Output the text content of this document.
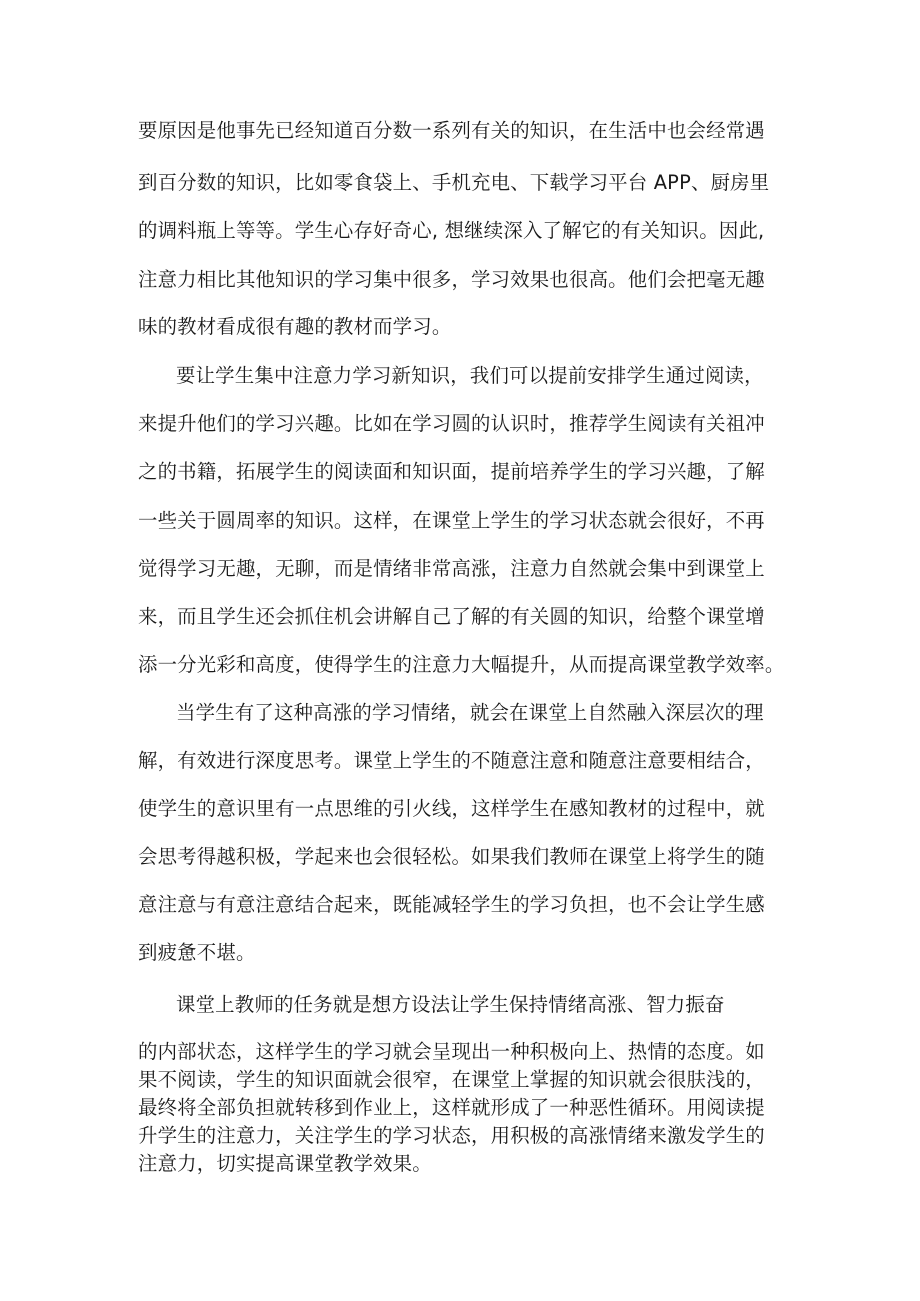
要原因是他事先已经知道百分数一系列有关的知识，在生活中也会经常遇

到百分数的知识，比如零食袋上、手机充电、下载学习平台 APP、厨房里

的调料瓶上等等。学生心存好奇心, 想继续深入了解它的有关知识。因此,

注意力相比其他知识的学习集中很多，学习效果也很高。他们会把毫无趣

味的教材看成很有趣的教材而学习。

要让学生集中注意力学习新知识，我们可以提前安排学生通过阅读，

来提升他们的学习兴趣。比如在学习圆的认识时，推荐学生阅读有关祖冲

之的书籍，拓展学生的阅读面和知识面，提前培养学生的学习兴趣，了解

一些关于圆周率的知识。这样，在课堂上学生的学习状态就会很好，不再

觉得学习无趣，无聊，而是情绪非常高涨，注意力自然就会集中到课堂上

来，而且学生还会抓住机会讲解自己了解的有关圆的知识，给整个课堂增

添一分光彩和高度，使得学生的注意力大幅提升，从而提高课堂教学效率。

当学生有了这种高涨的学习情绪，就会在课堂上自然融入深层次的理

解，有效进行深度思考。课堂上学生的不随意注意和随意注意要相结合，

使学生的意识里有一点思维的引火线，这样学生在感知教材的过程中，就

会思考得越积极，学起来也会很轻松。如果我们教师在课堂上将学生的随

意注意与有意注意结合起来，既能减轻学生的学习负担，也不会让学生感

到疲惫不堪。

课堂上教师的任务就是想方设法让学生保持情绪高涨、智力振奋

的内部状态，这样学生的学习就会呈现出一种积极向上、热情的态度。如
果不阅读，学生的知识面就会很窄，在课堂上掌握的知识就会很肤浅的，
最终将全部负担就转移到作业上，这样就形成了一种恶性循环。用阅读提
升学生的注意力，关注学生的学习状态，用积极的高涨情绪来激发学生的
注意力，切实提高课堂教学效果。
